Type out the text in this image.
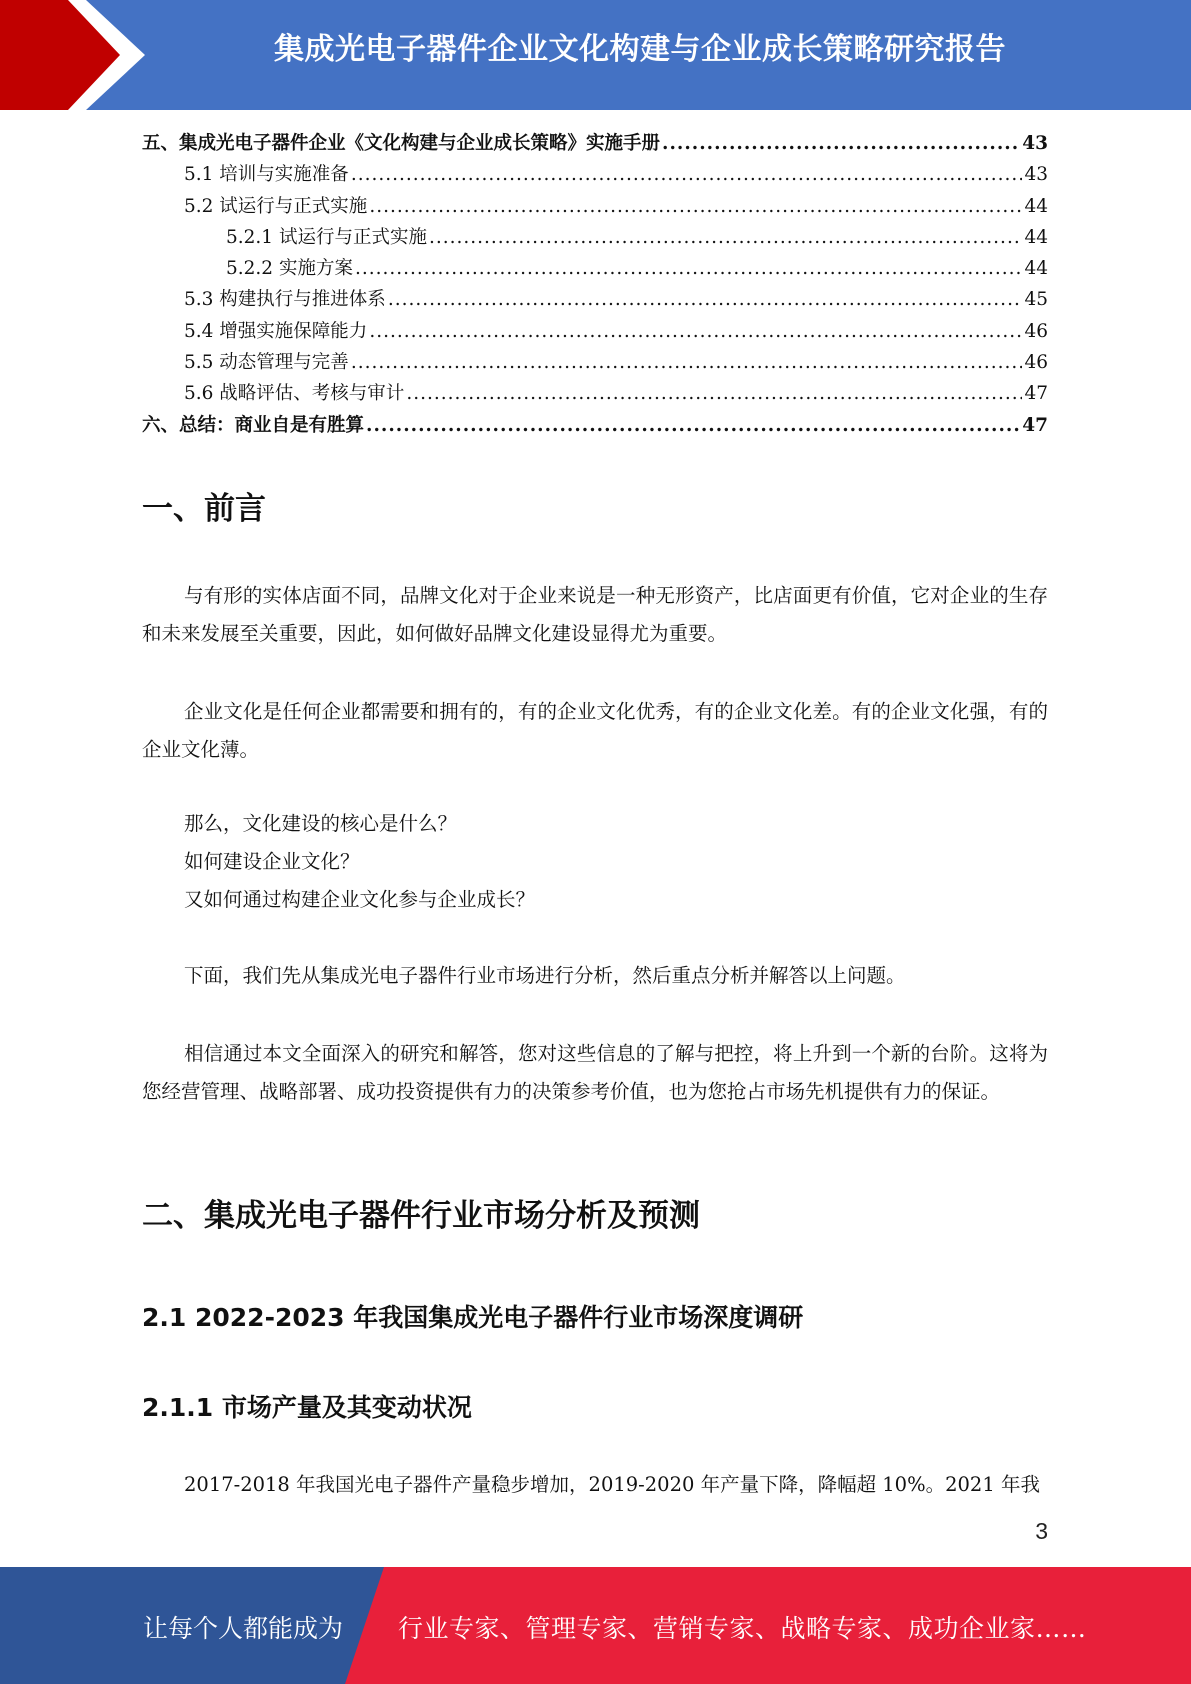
集成光电子器件企业文化构建与企业成长策略研究报告
五、集成光电子器件企业《文化构建与企业成长策略》实施手册 .....	43
5.1 培训与实施准备 .....	43
5.2 试运行与正式实施 .....	44
5.2.1 试运行与正式实施 .....	44
5.2.2 实施方案 .....	44
5.3 构建执行与推进体系 .....	45
5.4 增强实施保障能力 .....	46
5.5 动态管理与完善 .....	46
5.6 战略评估、考核与审计 .....	47
六、总结：商业自是有胜算 .....	47
一、前言

与有形的实体店面不同，品牌文化对于企业来说是一种无形资产，比店面更有价值，它对企业的生存和未来发展至关重要，因此，如何做好品牌文化建设显得尤为重要。

企业文化是任何企业都需要和拥有的，有的企业文化优秀，有的企业文化差。有的企业文化强，有的企业文化薄。

那么，文化建设的核心是什么？
如何建设企业文化？
又如何通过构建企业文化参与企业成长？

下面，我们先从集成光电子器件行业市场进行分析，然后重点分析并解答以上问题。

相信通过本文全面深入的研究和解答，您对这些信息的了解与把控，将上升到一个新的台阶。这将为您经营管理、战略部署、成功投资提供有力的决策参考价值，也为您抢占市场先机提供有力的保证。

二、集成光电子器件行业市场分析及预测
2.1 2022-2023 年我国集成光电子器件行业市场深度调研
2.1.1 市场产量及其变动状况

2017-2018 年我国光电子器件产量稳步增加，2019-2020 年产量下降，降幅超 10%。2021 年我

3
让每个人都能成为 行业专家、管理专家、营销专家、战略专家、成功企业家……
